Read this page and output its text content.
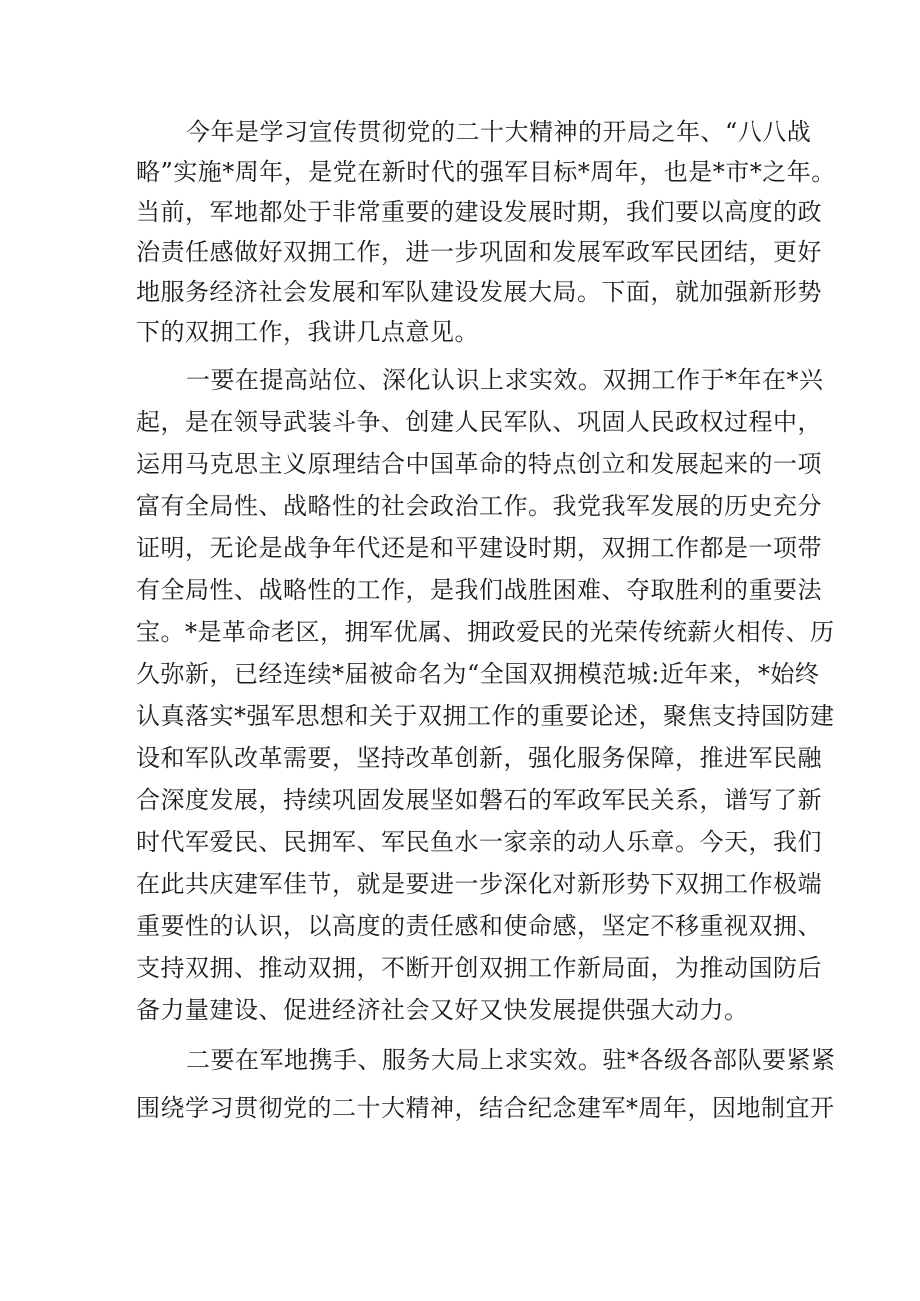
今年是学习宣传贯彻党的二十大精神的开局之年、“八八战
略”实施*周年，是党在新时代的强军目标*周年，也是*市*之年。
当前，军地都处于非常重要的建设发展时期，我们要以高度的政
治责任感做好双拥工作，进一步巩固和发展军政军民团结，更好
地服务经济社会发展和军队建设发展大局。下面，就加强新形势
下的双拥工作，我讲几点意见。
一要在提高站位、深化认识上求实效。双拥工作于*年在*兴
起，是在领导武装斗争、创建人民军队、巩固人民政权过程中，
运用马克思主义原理结合中国革命的特点创立和发展起来的一项
富有全局性、战略性的社会政治工作。我党我军发展的历史充分
证明，无论是战争年代还是和平建设时期，双拥工作都是一项带
有全局性、战略性的工作，是我们战胜困难、夺取胜利的重要法
宝。*是革命老区，拥军优属、拥政爱民的光荣传统薪火相传、历
久弥新，已经连续*届被命名为“全国双拥模范城:近年来，*始终
认真落实*强军思想和关于双拥工作的重要论述，聚焦支持国防建
设和军队改革需要，坚持改革创新，强化服务保障，推进军民融
合深度发展，持续巩固发展坚如磐石的军政军民关系，谱写了新
时代军爱民、民拥军、军民鱼水一家亲的动人乐章。今天，我们
在此共庆建军佳节，就是要进一步深化对新形势下双拥工作极端
重要性的认识，以高度的责任感和使命感，坚定不移重视双拥、
支持双拥、推动双拥，不断开创双拥工作新局面，为推动国防后
备力量建设、促进经济社会又好又快发展提供强大动力。
二要在军地携手、服务大局上求实效。驻*各级各部队要紧紧
围绕学习贯彻党的二十大精神，结合纪念建军*周年，因地制宜开
